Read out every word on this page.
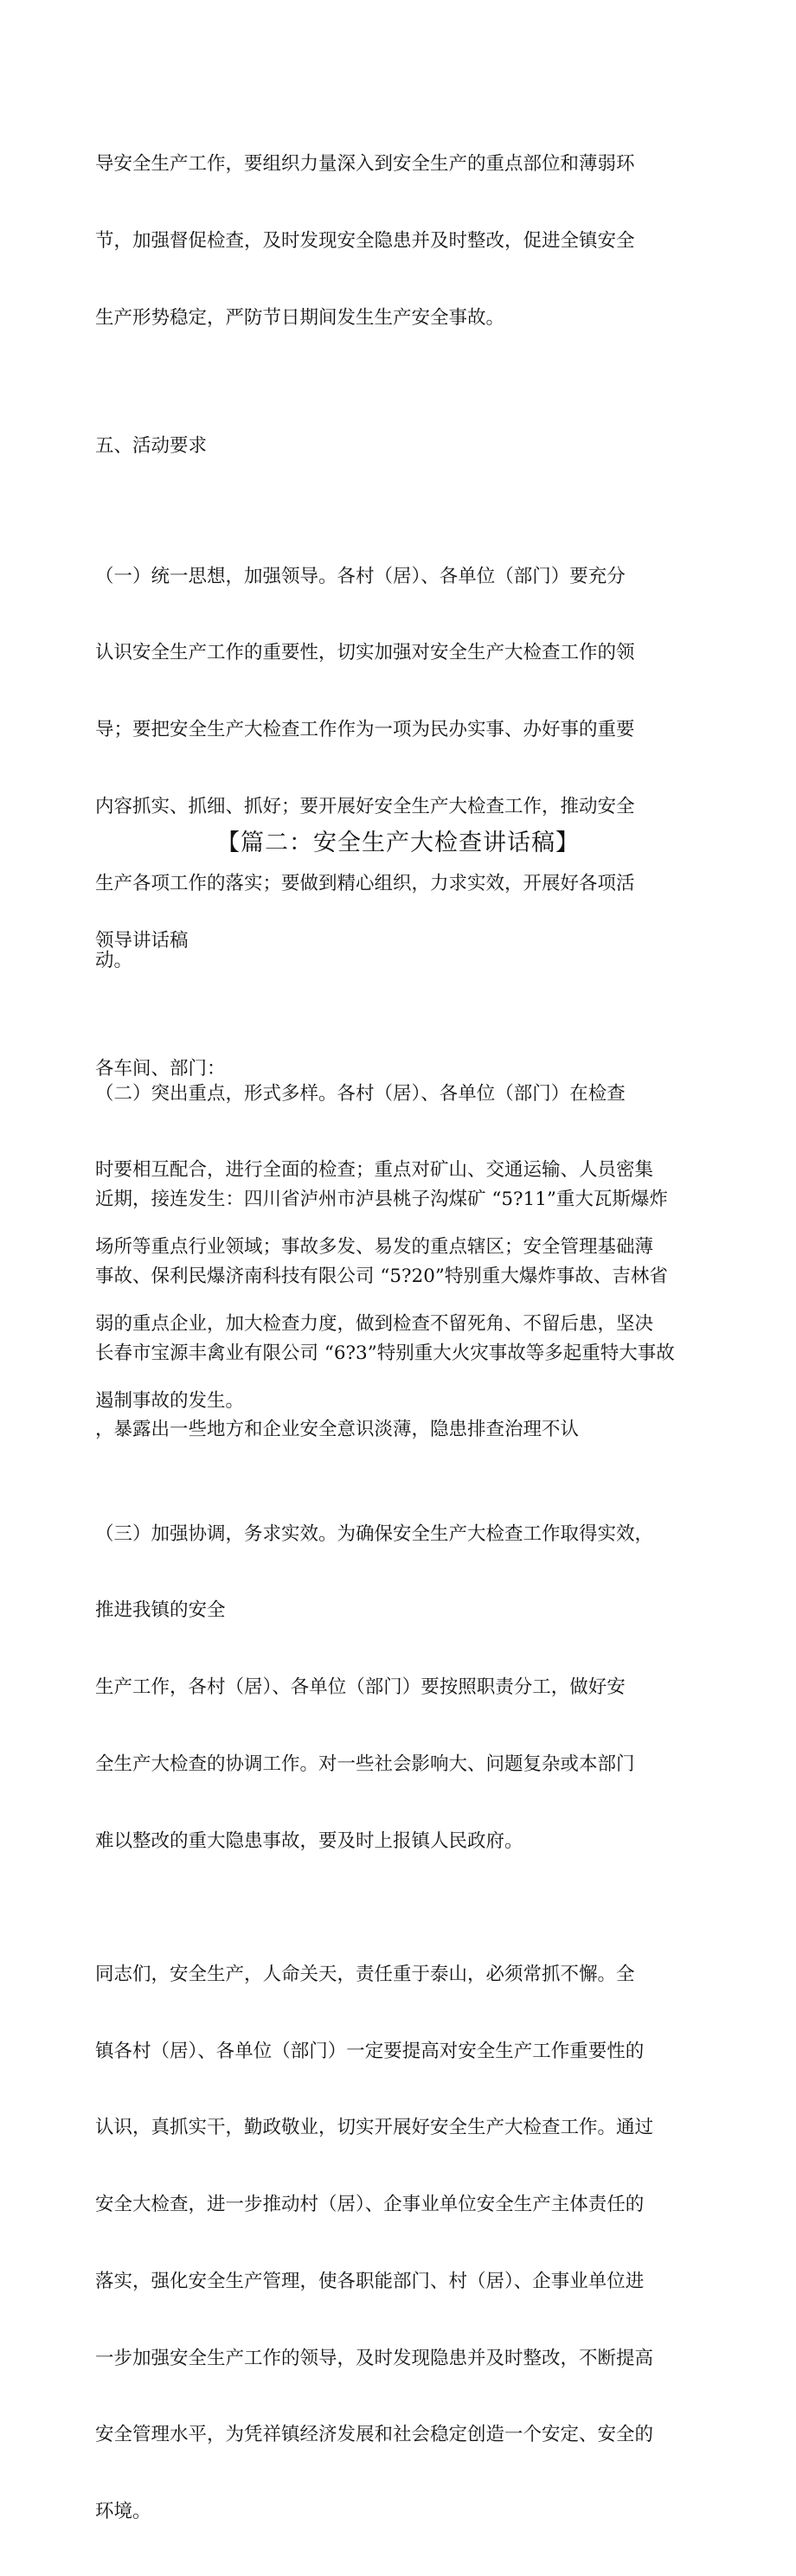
导安全生产工作，要组织力量深入到安全生产的重点部位和薄弱环

节，加强督促检查，及时发现安全隐患并及时整改，促进全镇安全

生产形势稳定，严防节日期间发生生产安全事故。

五、活动要求

（一）统一思想，加强领导。各村（居）、各单位（部门）要充分

认识安全生产工作的重要性，切实加强对安全生产大检查工作的领

导；要把安全生产大检查工作作为一项为民办实事、办好事的重要

内容抓实、抓细、抓好；要开展好安全生产大检查工作，推动安全

生产各项工作的落实；要做到精心组织，力求实效，开展好各项活

动。

（二）突出重点，形式多样。各村（居）、各单位（部门）在检查

时要相互配合，进行全面的检查；重点对矿山、交通运输、人员密集

场所等重点行业领域；事故多发、易发的重点辖区；安全管理基础薄

弱的重点企业，加大检查力度，做到检查不留死角、不留后患，坚决

遏制事故的发生。

（三）加强协调，务求实效。为确保安全生产大检查工作取得实效，

推进我镇的安全

生产工作，各村（居）、各单位（部门）要按照职责分工，做好安

全生产大检查的协调工作。对一些社会影响大、问题复杂或本部门

难以整改的重大隐患事故，要及时上报镇人民政府。

同志们，安全生产，人命关天，责任重于泰山，必须常抓不懈。全

镇各村（居）、各单位（部门）一定要提高对安全生产工作重要性的

认识，真抓实干，勤政敬业，切实开展好安全生产大检查工作。通过

安全大检查，进一步推动村（居）、企事业单位安全生产主体责任的

落实，强化安全生产管理，使各职能部门、村（居）、企事业单位进

一步加强安全生产工作的领导，及时发现隐患并及时整改，不断提高

安全管理水平，为凭祥镇经济发展和社会稳定创造一个安定、安全的

环境。

【篇二：安全生产大检查讲话稿】

领导讲话稿

各车间、部门：

近期，接连发生：四川省泸州市泸县桃子沟煤矿 “5?11”重大瓦斯爆炸

事故、保利民爆济南科技有限公司 “5?20”特别重大爆炸事故、吉林省

长春市宝源丰禽业有限公司 “6?3”特别重大火灾事故等多起重特大事故

，暴露出一些地方和企业安全意识淡薄，隐患排查治理不认
